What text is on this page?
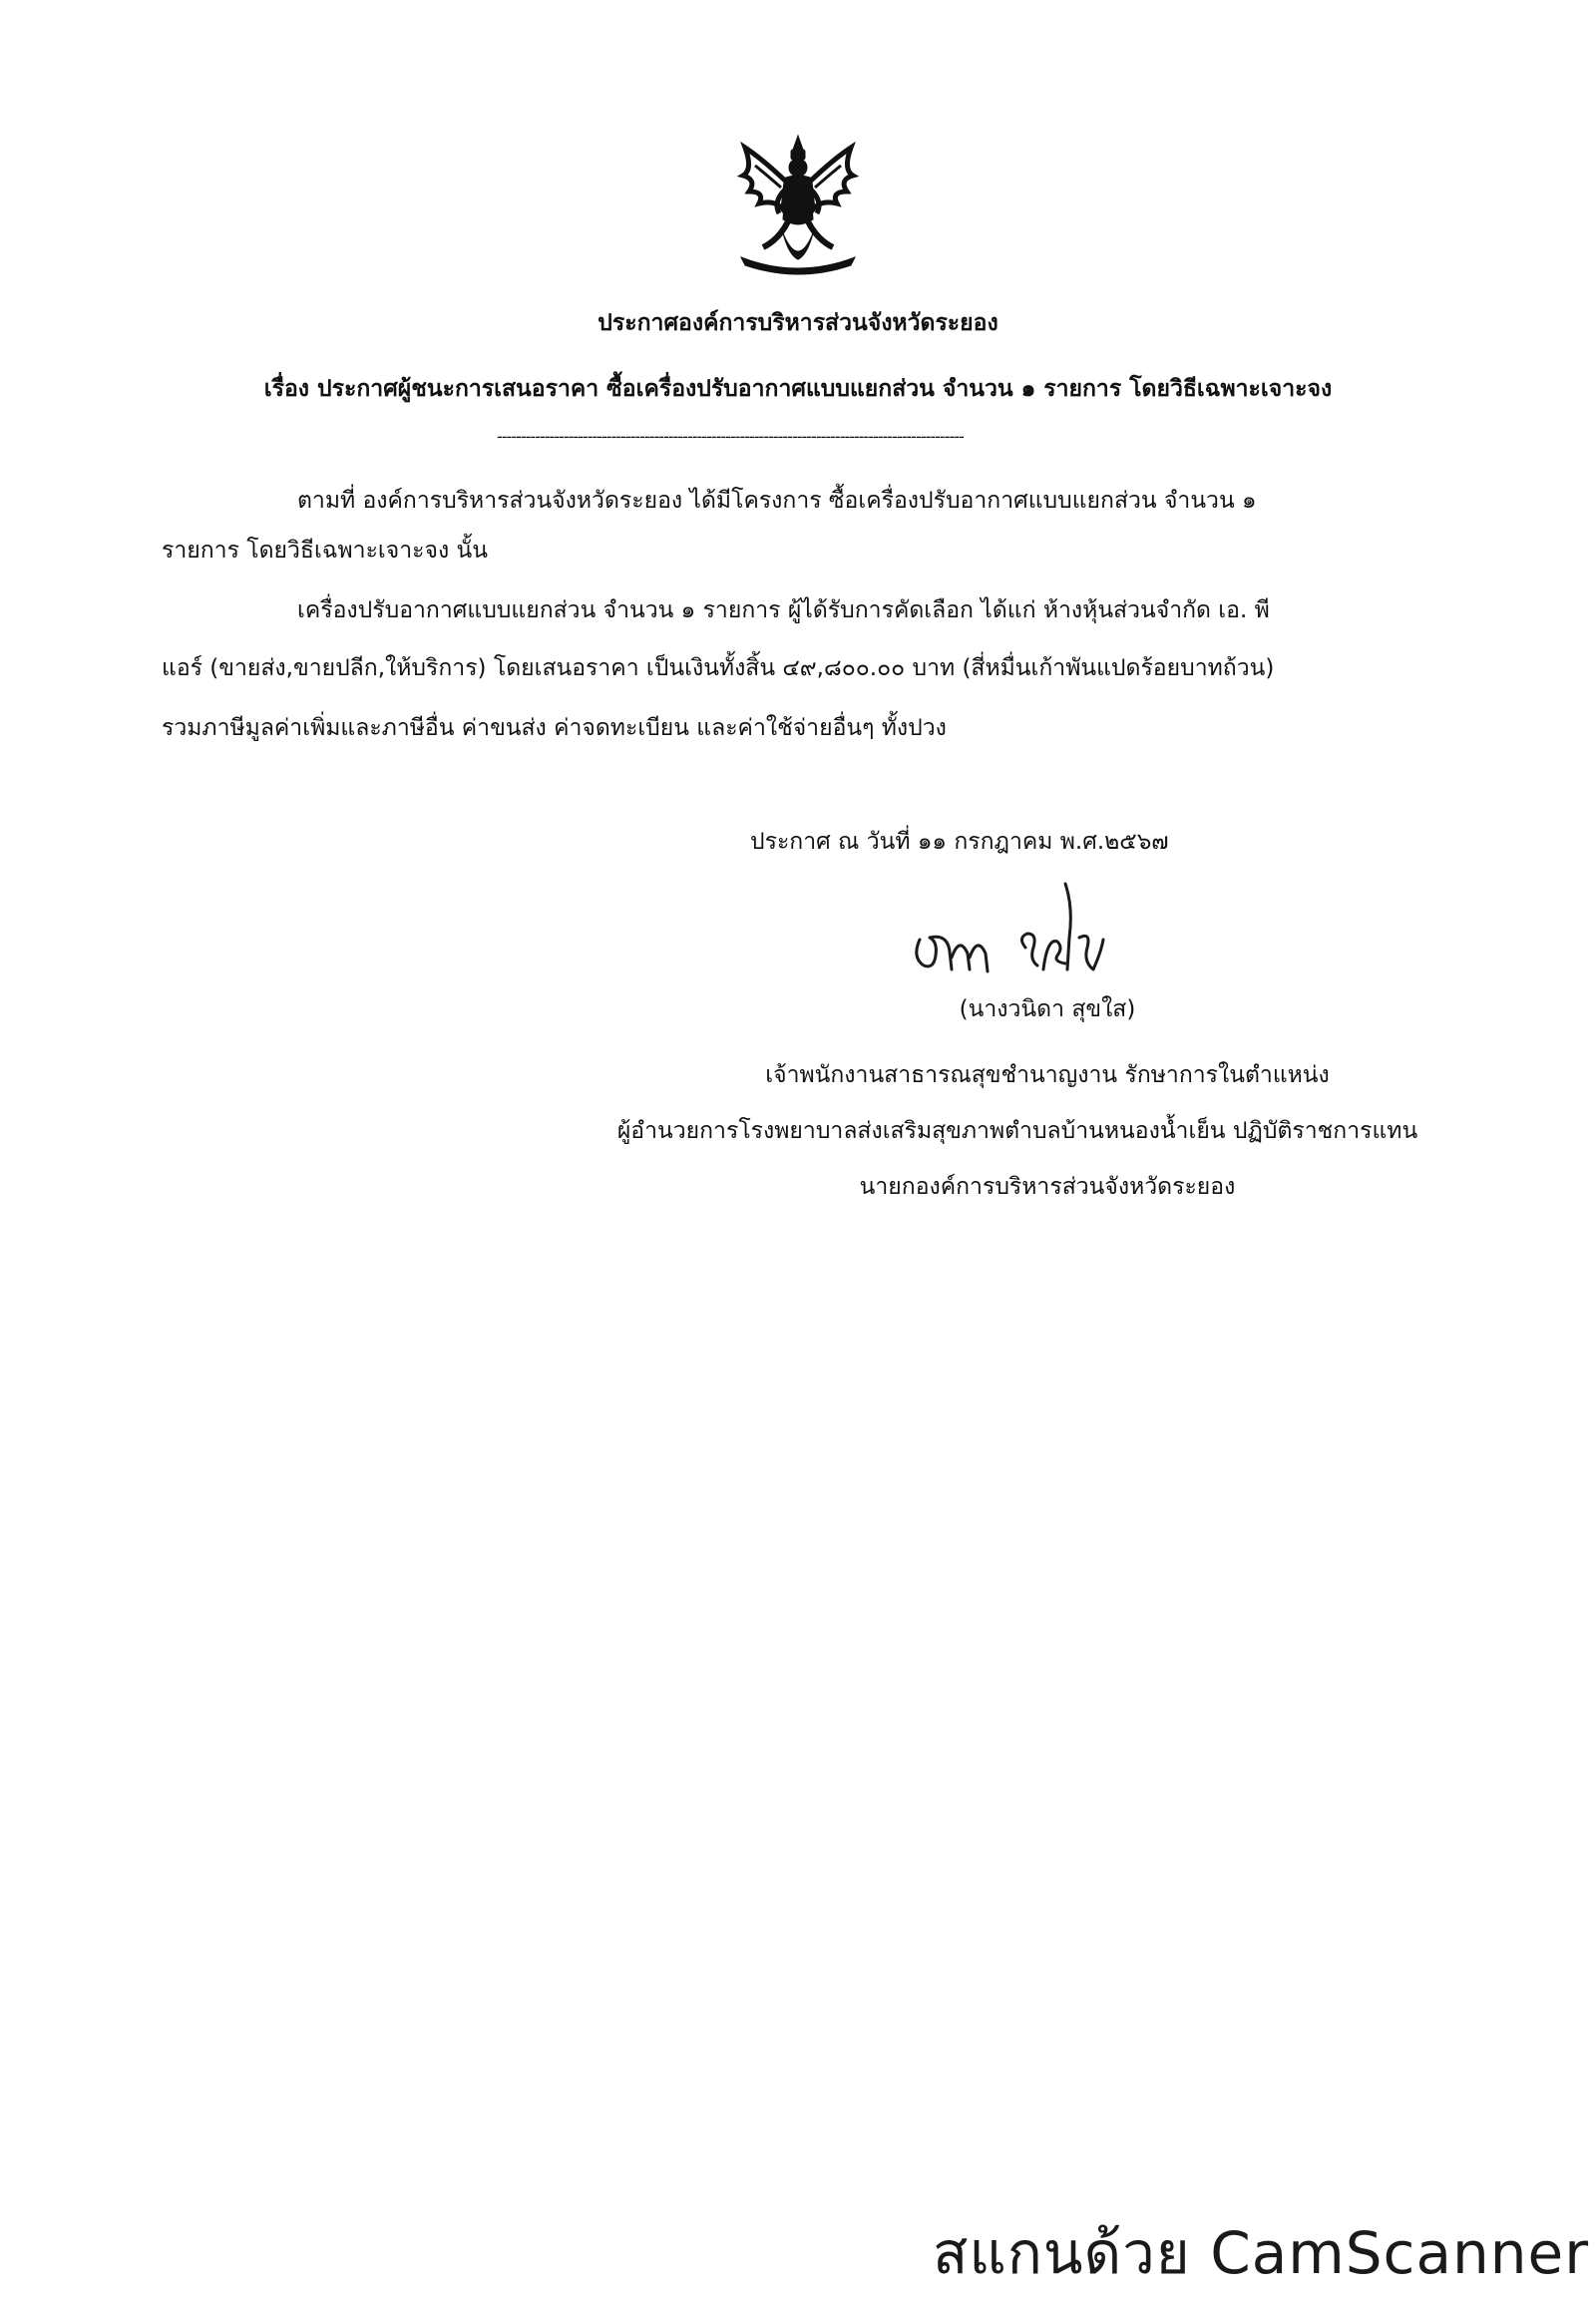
ประกาศองค์การบริหารส่วนจังหวัดระยอง
เรื่อง ประกาศผู้ชนะการเสนอราคา ซื้อเครื่องปรับอากาศแบบแยกส่วน จำนวน ๑ รายการ โดยวิธีเฉพาะเจาะจง
--------------------------------------------------------------------------------------------------
ตามที่ องค์การบริหารส่วนจังหวัดระยอง ได้มีโครงการ ซื้อเครื่องปรับอากาศแบบแยกส่วน จำนวน ๑
รายการ โดยวิธีเฉพาะเจาะจง นั้น
เครื่องปรับอากาศแบบแยกส่วน จำนวน ๑ รายการ ผู้ได้รับการคัดเลือก ได้แก่ ห้างหุ้นส่วนจำกัด เอ. พี
แอร์ (ขายส่ง,ขายปลีก,ให้บริการ) โดยเสนอราคา เป็นเงินทั้งสิ้น ๔๙,๘๐๐.๐๐ บาท (สี่หมื่นเก้าพันแปดร้อยบาทถ้วน)
รวมภาษีมูลค่าเพิ่มและภาษีอื่น ค่าขนส่ง ค่าจดทะเบียน และค่าใช้จ่ายอื่นๆ ทั้งปวง
ประกาศ ณ วันที่ ๑๑ กรกฎาคม พ.ศ.๒๕๖๗
(นางวนิดา สุขใส)
เจ้าพนักงานสาธารณสุขชำนาญงาน รักษาการในตำแหน่ง
ผู้อำนวยการโรงพยาบาลส่งเสริมสุขภาพตำบลบ้านหนองน้ำเย็น ปฏิบัติราชการแทน
นายกองค์การบริหารส่วนจังหวัดระยอง
สแกนด้วย CamScanner
